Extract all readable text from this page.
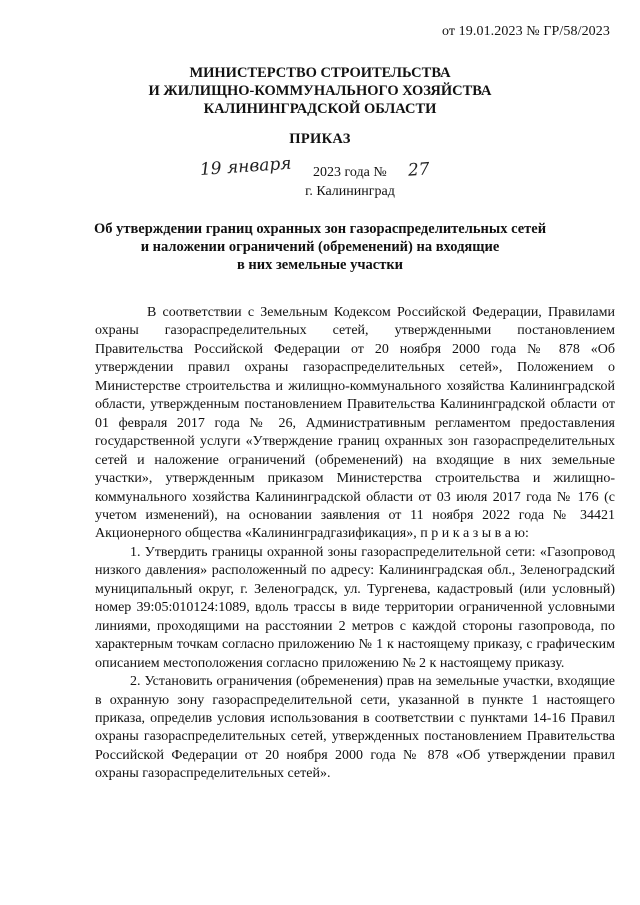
от 19.01.2023 № ГР/58/2023
МИНИСТЕРСТВО СТРОИТЕЛЬСТВА
И ЖИЛИЩНО-КОММУНАЛЬНОГО ХОЗЯЙСТВА
КАЛИНИНГРАДСКОЙ ОБЛАСТИ
ПРИКАЗ
19 января 2023 года № 27
г. Калининград
Об утверждении границ охранных зон газораспределительных сетей
и наложении ограничений (обременений) на входящие
в них земельные участки

В соответствии с Земельным Кодексом Российской Федерации, Правилами охраны газораспределительных сетей, утвержденными постановлением Правительства Российской Федерации от 20 ноября 2000 года № 878 «Об утверждении правил охраны газораспределительных сетей», Положением о Министерстве строительства и жилищно-коммунального хозяйства Калининградской области, утвержденным постановлением Правительства Калининградской области от 01 февраля 2017 года № 26, Административным регламентом предоставления государственной услуги «Утверждение границ охранных зон газораспределительных сетей и наложение ограничений (обременений) на входящие в них земельные участки», утвержденным приказом Министерства строительства и жилищно-коммунального хозяйства Калининградской области от 03 июля 2017 года № 176 (с учетом изменений), на основании заявления от 11 ноября 2022 года № 34421 Акционерного общества «Калининградгазификация», п р и к а з ы в а ю:

1. Утвердить границы охранной зоны газораспределительной сети: «Газопровод низкого давления» расположенный по адресу: Калининградская обл., Зеленоградский муниципальный округ, г. Зеленоградск, ул. Тургенева, кадастровый (или условный) номер 39:05:010124:1089, вдоль трассы в виде территории ограниченной условными линиями, проходящими на расстоянии 2 метров с каждой стороны газопровода, по характерным точкам согласно приложению № 1 к настоящему приказу, с графическим описанием местоположения согласно приложению № 2 к настоящему приказу.

2. Установить ограничения (обременения) прав на земельные участки, входящие в охранную зону газораспределительной сети, указанной в пункте 1 настоящего приказа, определив условия использования в соответствии с пунктами 14-16 Правил охраны газораспределительных сетей, утвержденных постановлением Правительства Российской Федерации от 20 ноября 2000 года № 878 «Об утверждении правил охраны газораспределительных сетей».
